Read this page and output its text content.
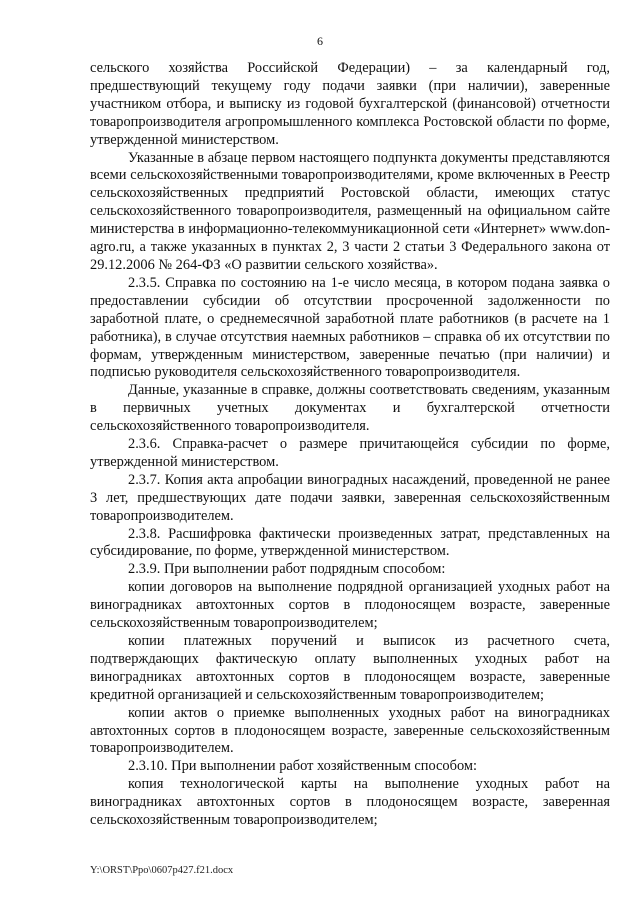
6

сельского хозяйства Российской Федерации) – за календарный год, предшествующий текущему году подачи заявки (при наличии), заверенные участником отбора, и выписку из годовой бухгалтерской (финансовой) отчетности товаропроизводителя агропромышленного комплекса Ростовской области по форме, утвержденной министерством.

Указанные в абзаце первом настоящего подпункта документы представляются всеми сельскохозяйственными товаропроизводителями, кроме включенных в Реестр сельскохозяйственных предприятий Ростовской области, имеющих статус сельскохозяйственного товаропроизводителя, размещенный на официальном сайте министерства в информационно-телекоммуникационной сети «Интернет» www.don-agro.ru, а также указанных в пунктах 2, 3 части 2 статьи 3 Федерального закона от 29.12.2006 № 264-ФЗ «О развитии сельского хозяйства».

2.3.5. Справка по состоянию на 1-е число месяца, в котором подана заявка о предоставлении субсидии об отсутствии просроченной задолженности по заработной плате, о среднемесячной заработной плате работников (в расчете на 1 работника), в случае отсутствия наемных работников – справка об их отсутствии по формам, утвержденным министерством, заверенные печатью (при наличии) и подписью руководителя сельскохозяйственного товаропроизводителя.

Данные, указанные в справке, должны соответствовать сведениям, указанным в первичных учетных документах и бухгалтерской отчетности сельскохозяйственного товаропроизводителя.

2.3.6. Справка-расчет о размере причитающейся субсидии по форме, утвержденной министерством.

2.3.7. Копия акта апробации виноградных насаждений, проведенной не ранее 3 лет, предшествующих дате подачи заявки, заверенная сельскохозяйственным товаропроизводителем.

2.3.8. Расшифровка фактически произведенных затрат, представленных на субсидирование, по форме, утвержденной министерством.

2.3.9. При выполнении работ подрядным способом:

копии договоров на выполнение подрядной организацией уходных работ на виноградниках автохтонных сортов в плодоносящем возрасте, заверенные сельскохозяйственным товаропроизводителем;

копии платежных поручений и выписок из расчетного счета, подтверждающих фактическую оплату выполненных уходных работ на виноградниках автохтонных сортов в плодоносящем возрасте, заверенные кредитной организацией и сельскохозяйственным товаропроизводителем;

копии актов о приемке выполненных уходных работ на виноградниках автохтонных сортов в плодоносящем возрасте, заверенные сельскохозяйственным товаропроизводителем.

2.3.10. При выполнении работ хозяйственным способом:

копия технологической карты на выполнение уходных работ на виноградниках автохтонных сортов в плодоносящем возрасте, заверенная сельскохозяйственным товаропроизводителем;

Y:\ORST\Ppo\0607p427.f21.docx
